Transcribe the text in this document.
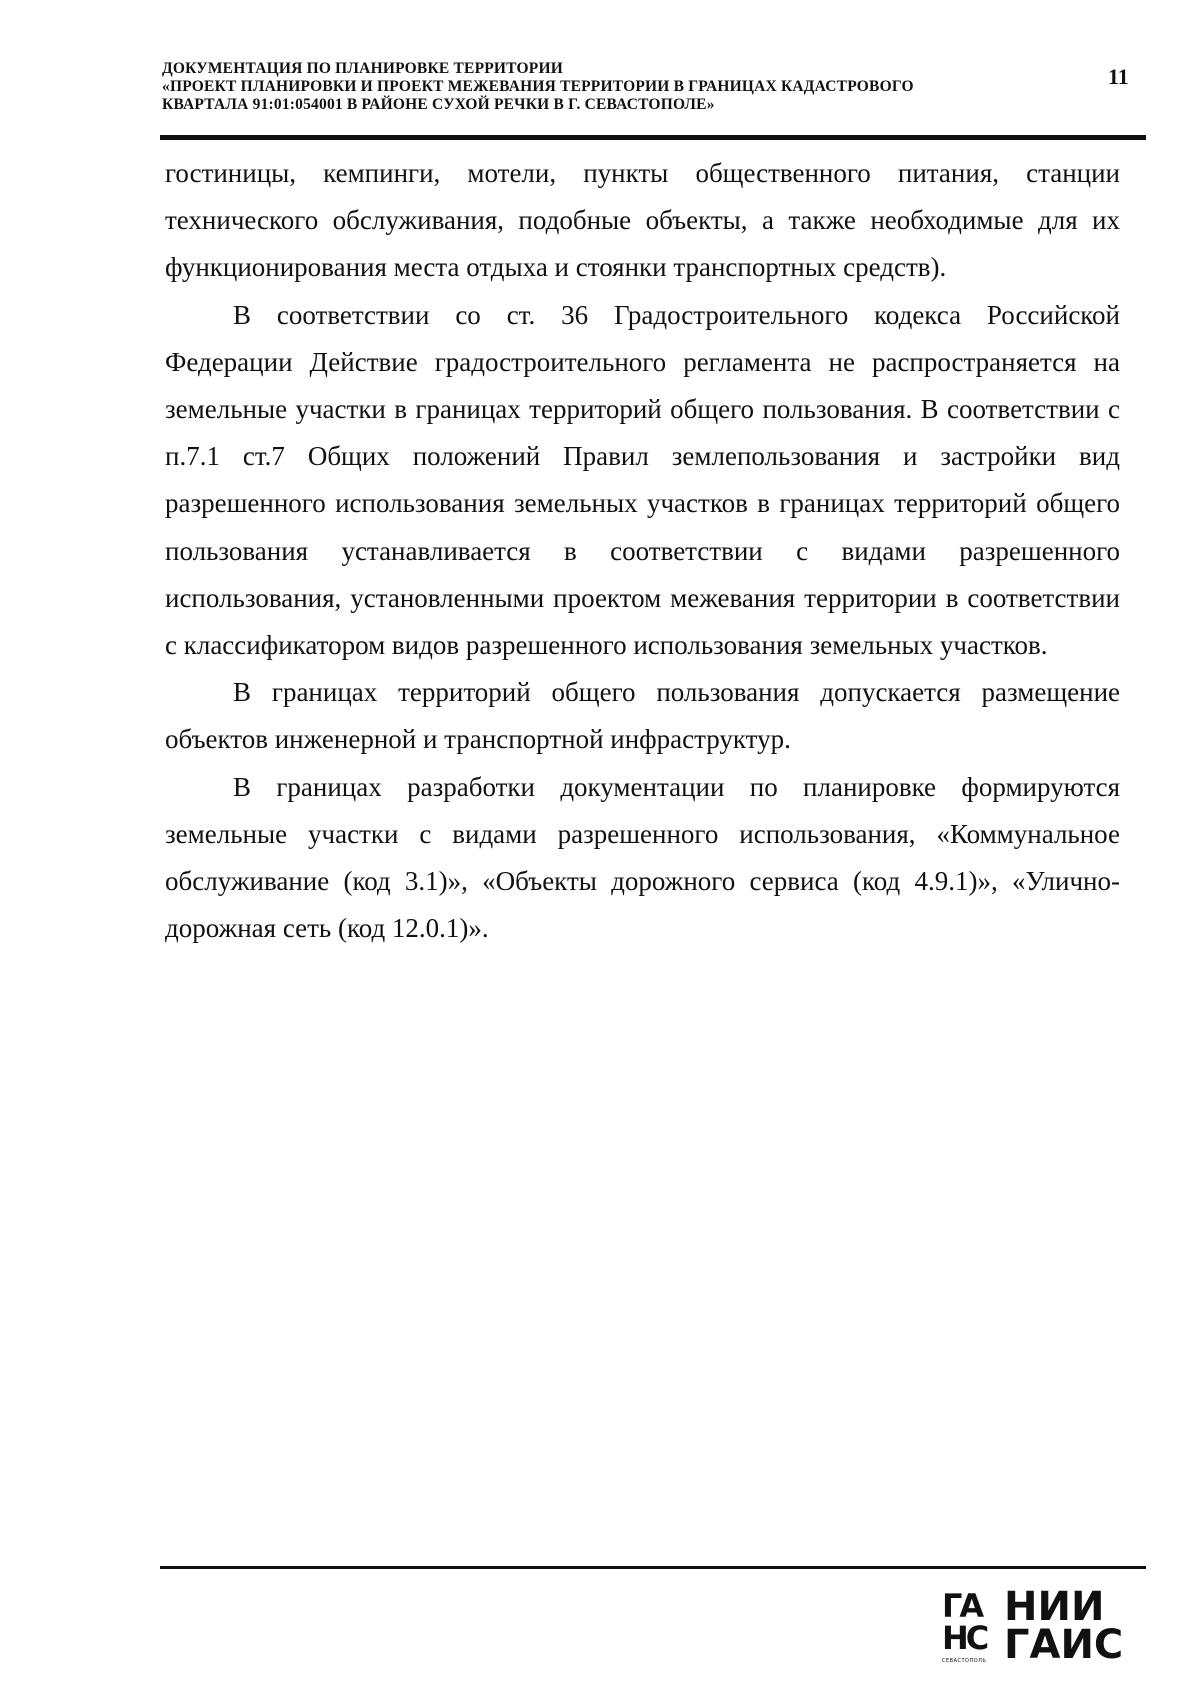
ДОКУМЕНТАЦИЯ ПО ПЛАНИРОВКЕ ТЕРРИТОРИИ
«ПРОЕКТ ПЛАНИРОВКИ И ПРОЕКТ МЕЖЕВАНИЯ ТЕРРИТОРИИ В ГРАНИЦАХ КАДАСТРОВОГО
КВАРТАЛА 91:01:054001 В РАЙОНЕ СУХОЙ РЕЧКИ В Г. СЕВАСТОПОЛЕ»
11

гостиницы, кемпинги, мотели, пункты общественного питания, станции технического обслуживания, подобные объекты, а также необходимые для их функционирования места отдыха и стоянки транспортных средств).

В соответствии со ст. 36 Градостроительного кодекса Российской Федерации Действие градостроительного регламента не распространяется на земельные участки в границах территорий общего пользования. В соответствии с п.7.1 ст.7 Общих положений Правил землепользования и застройки вид разрешенного использования земельных участков в границах территорий общего пользования устанавливается в соответствии с видами разрешенного использования, установленными проектом межевания территории в соответствии с классификатором видов разрешенного использования земельных участков.

В границах территорий общего пользования допускается размещение объектов инженерной и транспортной инфраструктур.

В границах разработки документации по планировке формируются земельные участки с видами разрешенного использования, «Коммунальное обслуживание (код 3.1)», «Объекты дорожного сервиса (код 4.9.1)», «Улично-дорожная сеть (код 12.0.1)».

ГА
НС
СЕВАСТОПОЛЬ
НИИ
ГАИС
